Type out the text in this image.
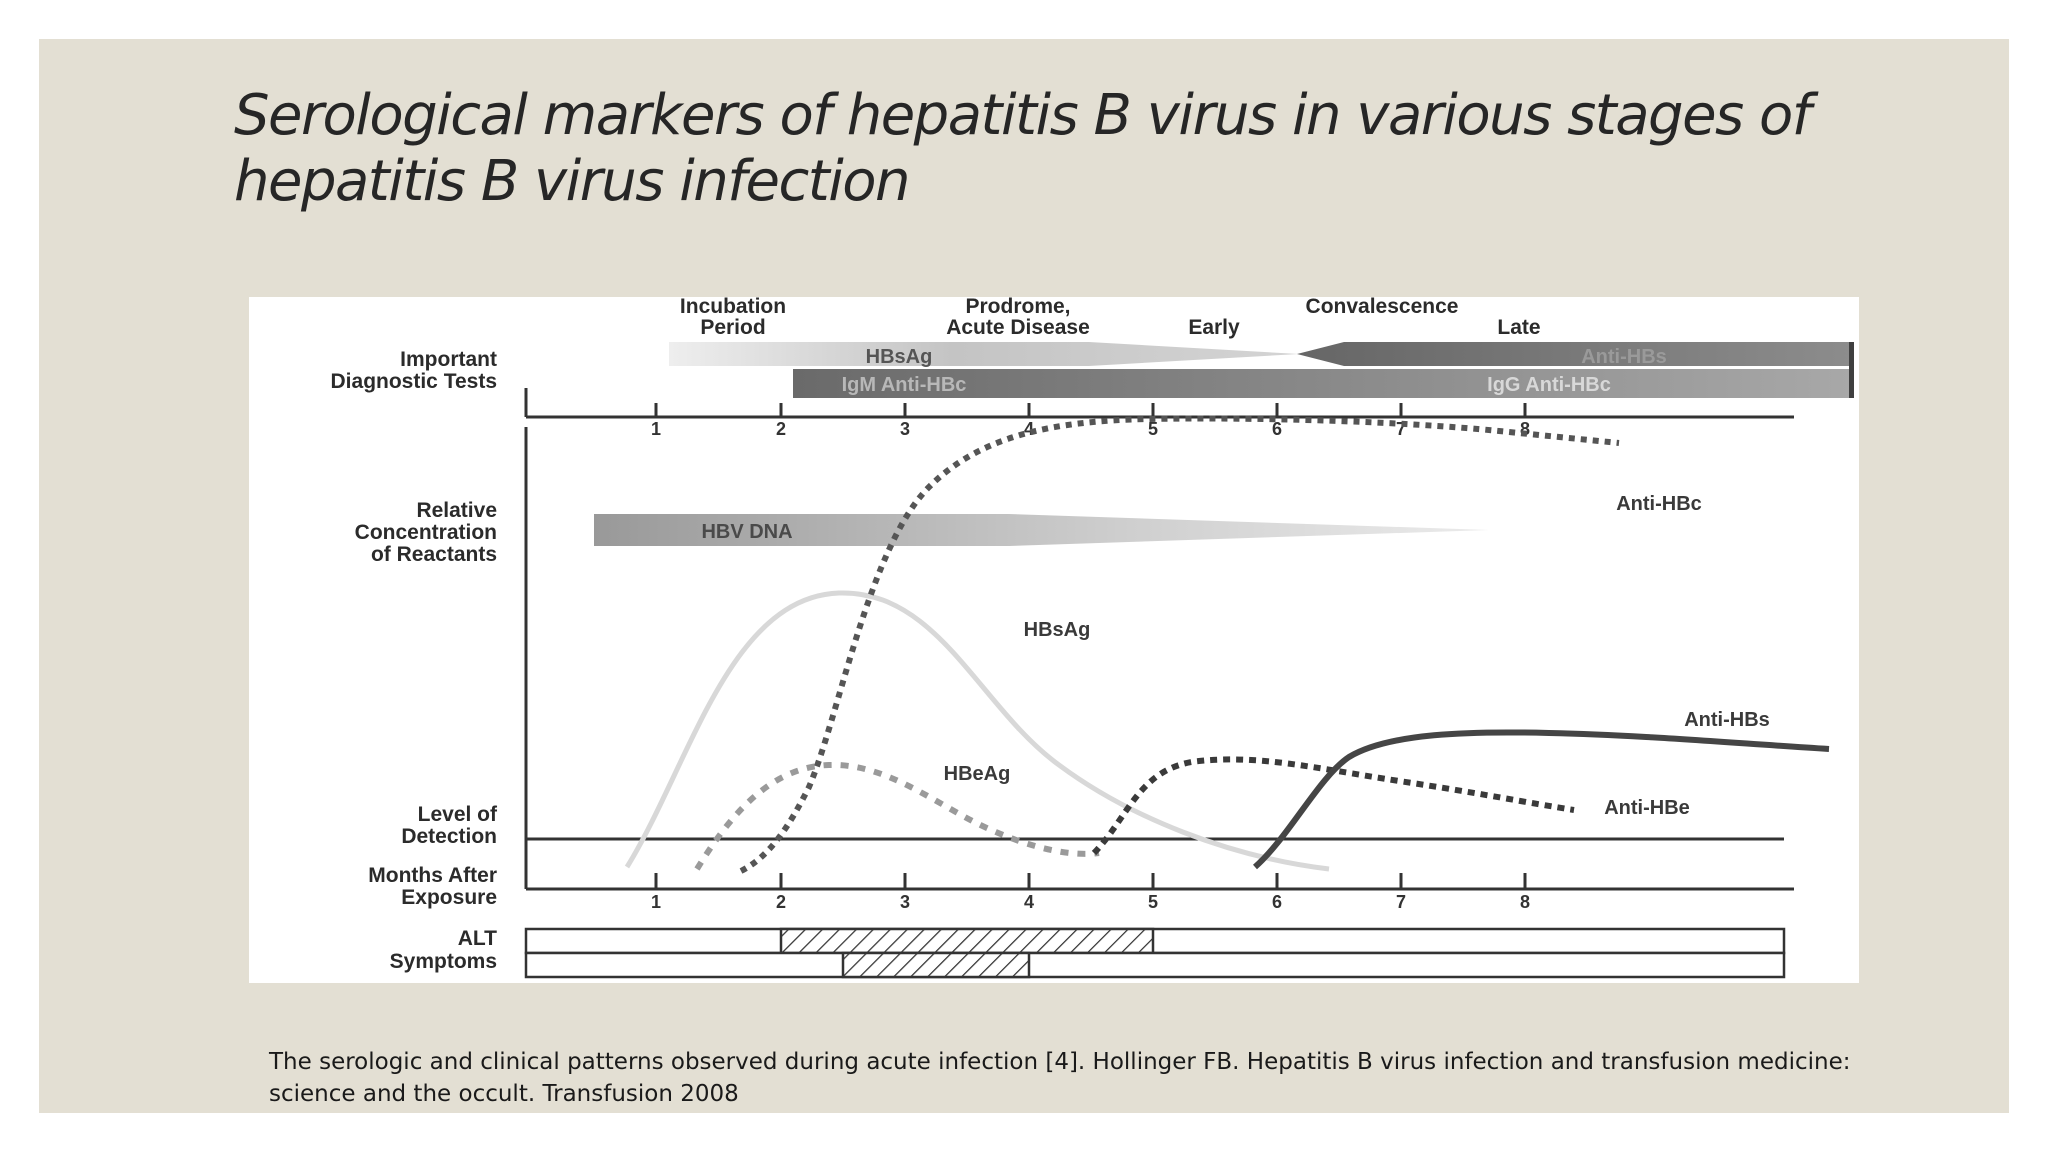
Serological markers of hepatitis B virus in various stages of
hepatitis B virus infection
Incubation
Period
Prodrome,
Acute Disease
Convalescence
Early	Late
Important
Diagnostic Tests
Relative
Concentration
of Reactants
Level of
Detection
Months After
Exposure
ALT
Symptoms
HBsAg	Anti-HBs
IgM Anti-HBc	IgG Anti-HBc
1	2	3	4	5	6	7	8
1	2	3	4	5	6	7	8
HBV DNA
Anti-HBc
HBsAg
HBeAg
Anti-HBs
Anti-HBe

The serologic and clinical patterns observed during acute infection [4]. Hollinger FB. Hepatitis B virus infection and transfusion medicine:
science and the occult. Transfusion 2008
